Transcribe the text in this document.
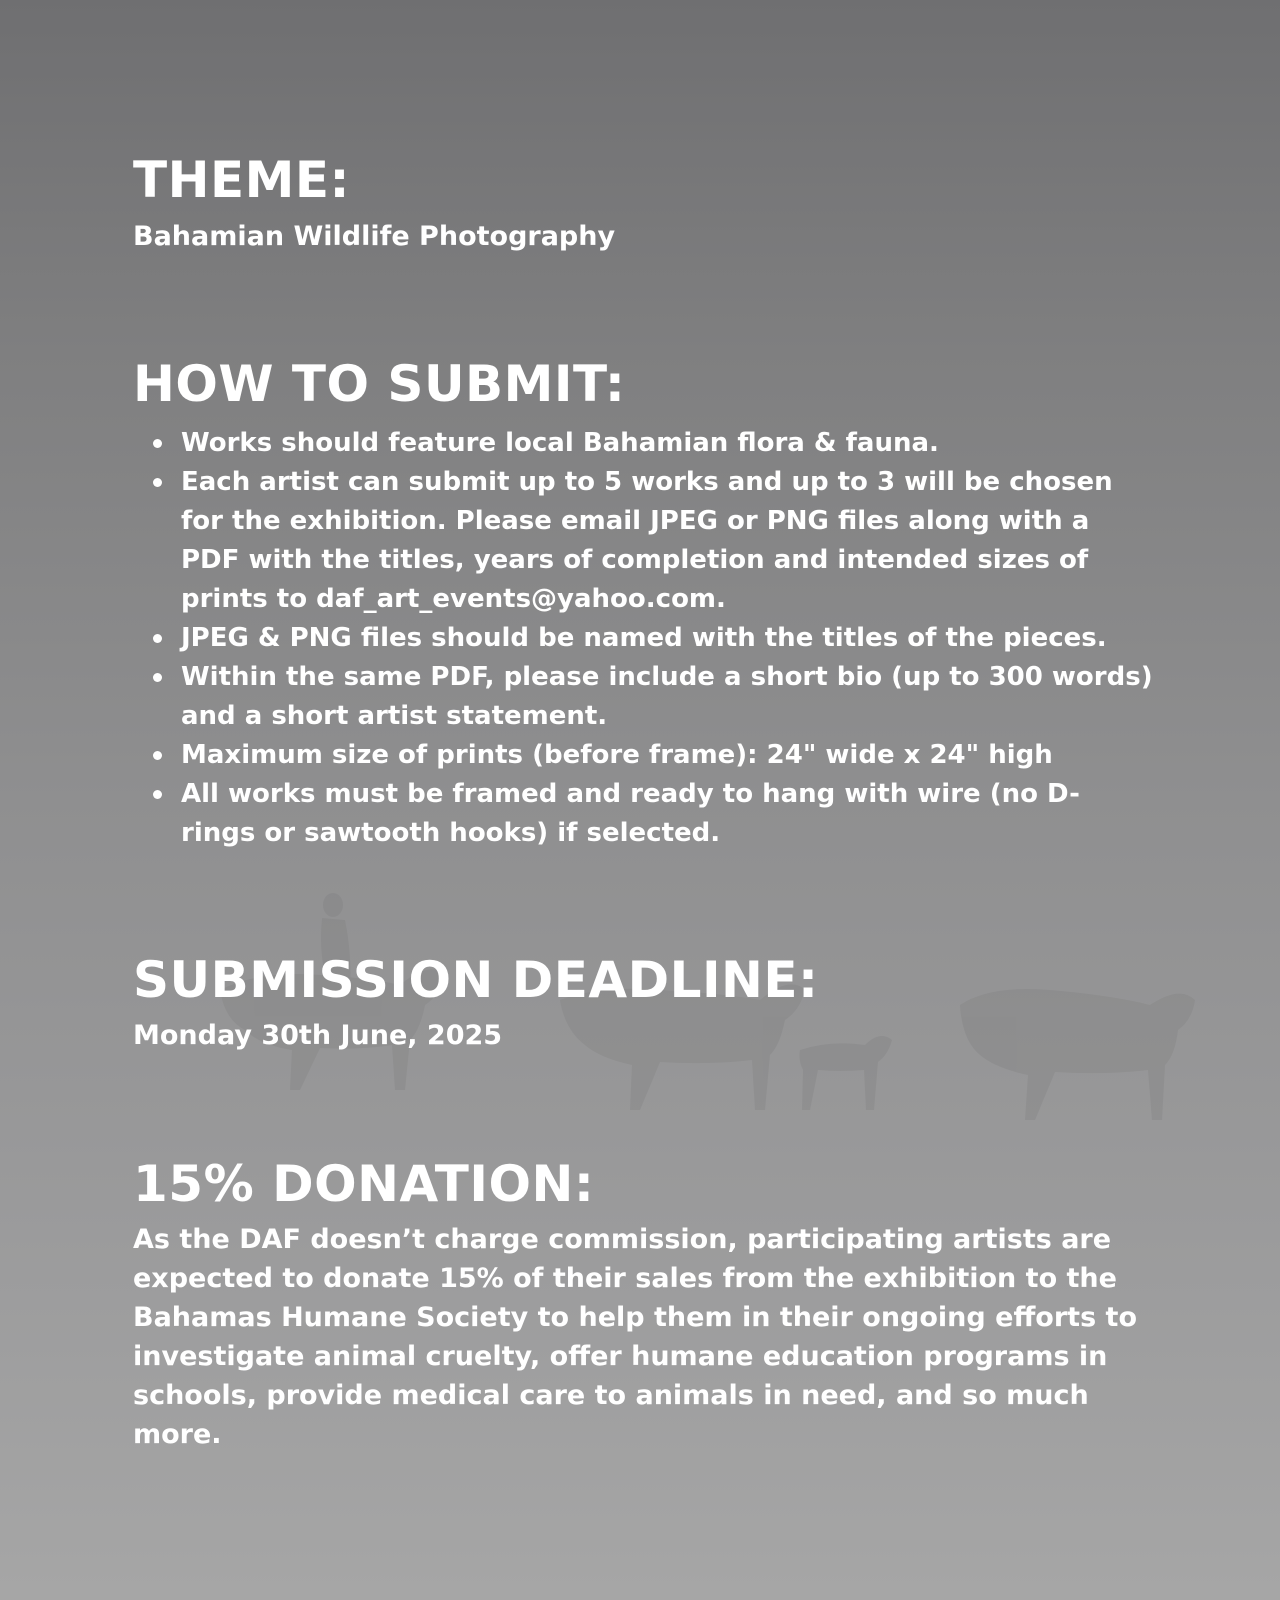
THEME:

Bahamian Wildlife Photography

HOW TO SUBMIT:
Works should feature local Bahamian flora & fauna.
Each artist can submit up to 5 works and up to 3 will be chosen for the exhibition. Please email JPEG or PNG files along with a PDF with the titles, years of completion and intended sizes of prints to daf_art_events@yahoo.com.
JPEG & PNG files should be named with the titles of the pieces.
Within the same PDF, please include a short bio (up to 300 words) and a short artist statement.
Maximum size of prints (before frame): 24" wide x 24" high
All works must be framed and ready to hang with wire (no D-rings or sawtooth hooks) if selected.
SUBMISSION DEADLINE:

Monday 30th June, 2025

15% DONATION:

As the DAF doesn’t charge commission, participating artists are expected to donate 15% of their sales from the exhibition to the Bahamas Humane Society to help them in their ongoing efforts to investigate animal cruelty, offer humane education programs in schools, provide medical care to animals in need, and so much more.
